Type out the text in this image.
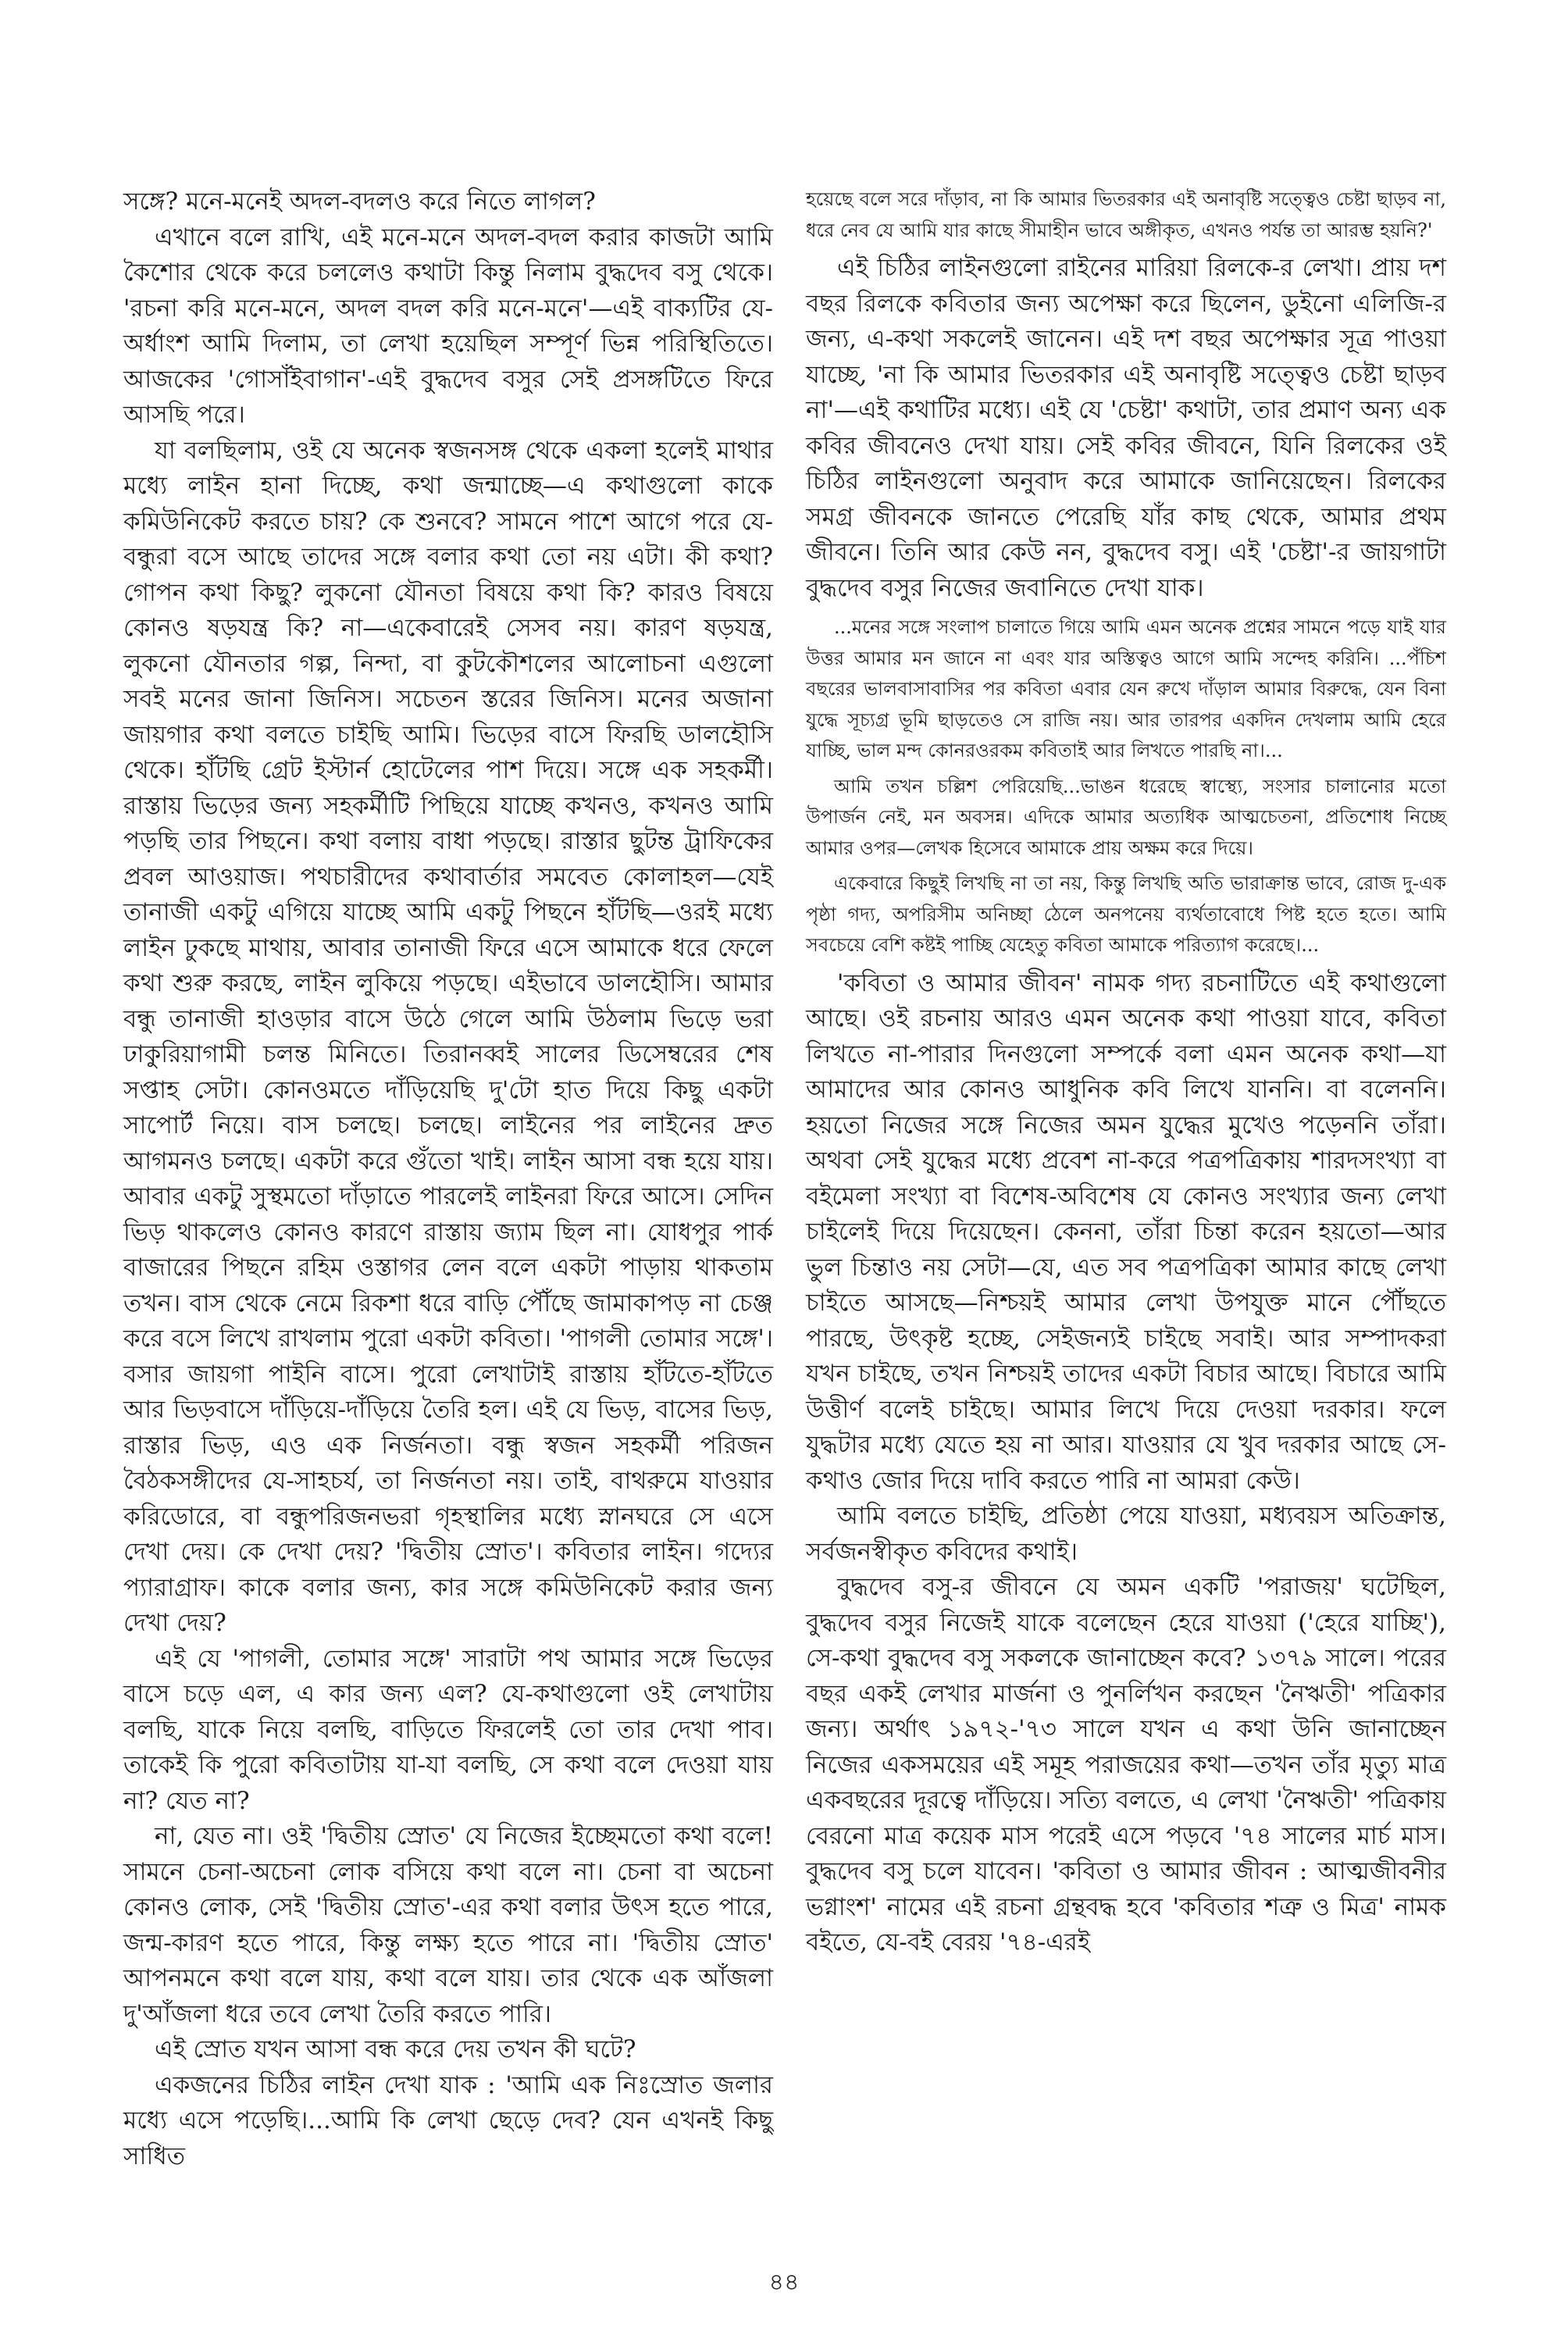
সঙ্গে? মনে-মনেই অদল-বদলও করে নিতে লাগল?

এখানে বলে রাখি, এই মনে-মনে অদল-বদল করার কাজটা আমি কৈশোর থেকে করে চললেও কথাটা কিন্তু নিলাম বুদ্ধদেব বসু থেকে। 'রচনা করি মনে-মনে, অদল বদল করি মনে-মনে'—এই বাক্যটির যে-অর্ধাংশ আমি দিলাম, তা লেখা হয়েছিল সম্পূর্ণ ভিন্ন পরিস্থিতিতে। আজকের 'গোসাঁইবাগান'-এই বুদ্ধদেব বসুর সেই প্রসঙ্গটিতে ফিরে আসছি পরে।

যা বলছিলাম, ওই যে অনেক স্বজনসঙ্গ থেকে একলা হলেই মাথার মধ্যে লাইন হানা দিচ্ছে, কথা জন্মাচ্ছে—এ কথাগুলো কাকে কমিউনিকেট করতে চায়? কে শুনবে? সামনে পাশে আগে পরে যে-বন্ধুরা বসে আছে তাদের সঙ্গে বলার কথা তো নয় এটা। কী কথা? গোপন কথা কিছু? লুকনো যৌনতা বিষয়ে কথা কি? কারও বিষয়ে কোনও ষড়যন্ত্র কি? না—একেবারেই সেসব নয়। কারণ ষড়যন্ত্র, লুকনো যৌনতার গল্প, নিন্দা, বা কুটকৌশলের আলোচনা এগুলো সবই মনের জানা জিনিস। সচেতন স্তরের জিনিস। মনের অজানা জায়গার কথা বলতে চাইছি আমি। ভিড়ের বাসে ফিরছি ডালহৌসি থেকে। হাঁটছি গ্রেট ইস্টার্ন হোটেলের পাশ দিয়ে। সঙ্গে এক সহকর্মী। রাস্তায় ভিড়ের জন্য সহকর্মীটি পিছিয়ে যাচ্ছে কখনও, কখনও আমি পড়ছি তার পিছনে। কথা বলায় বাধা পড়ছে। রাস্তার ছুটন্ত ট্রাফিকের প্রবল আওয়াজ। পথচারীদের কথাবার্তার সমবেত কোলাহল—যেই তানাজী একটু এগিয়ে যাচ্ছে আমি একটু পিছনে হাঁটছি—ওরই মধ্যে লাইন ঢুকছে মাথায়, আবার তানাজী ফিরে এসে আমাকে ধরে ফেলে কথা শুরু করছে, লাইন লুকিয়ে পড়ছে। এইভাবে ডালহৌসি। আমার বন্ধু তানাজী হাওড়ার বাসে উঠে গেলে আমি উঠলাম ভিড়ে ভরা ঢাকুরিয়াগামী চলন্ত মিনিতে। তিরানব্বই সালের ডিসেম্বরের শেষ সপ্তাহ সেটা। কোনওমতে দাঁড়িয়েছি দু'টো হাত দিয়ে কিছু একটা সাপোর্ট নিয়ে। বাস চলছে। চলছে। লাইনের পর লাইনের দ্রুত আগমনও চলছে। একটা করে গুঁতো খাই। লাইন আসা বন্ধ হয়ে যায়। আবার একটু সুস্থমতো দাঁড়াতে পারলেই লাইনরা ফিরে আসে। সেদিন ভিড় থাকলেও কোনও কারণে রাস্তায় জ্যাম ছিল না। যোধপুর পার্ক বাজারের পিছনে রহিম ওস্তাগর লেন বলে একটা পাড়ায় থাকতাম তখন। বাস থেকে নেমে রিকশা ধরে বাড়ি পৌঁছে জামাকাপড় না চেঞ্জ করে বসে লিখে রাখলাম পুরো একটা কবিতা। 'পাগলী তোমার সঙ্গে'। বসার জায়গা পাইনি বাসে। পুরো লেখাটাই রাস্তায় হাঁটতে-হাঁটতে আর ভিড়বাসে দাঁড়িয়ে-দাঁড়িয়ে তৈরি হল। এই যে ভিড়, বাসের ভিড়, রাস্তার ভিড়, এও এক নির্জনতা। বন্ধু স্বজন সহকর্মী পরিজন বৈঠকসঙ্গীদের যে-সাহচর্য, তা নির্জনতা নয়। তাই, বাথরুমে যাওয়ার করিডোরে, বা বন্ধুপরিজনভরা গৃহস্থালির মধ্যে স্নানঘরে সে এসে দেখা দেয়। কে দেখা দেয়? 'দ্বিতীয় স্রোত'। কবিতার লাইন। গদ্যের প্যারাগ্রাফ। কাকে বলার জন্য, কার সঙ্গে কমিউনিকেট করার জন্য দেখা দেয়?

এই যে 'পাগলী, তোমার সঙ্গে' সারাটা পথ আমার সঙ্গে ভিড়ের বাসে চড়ে এল, এ কার জন্য এল? যে-কথাগুলো ওই লেখাটায় বলছি, যাকে নিয়ে বলছি, বাড়িতে ফিরলেই তো তার দেখা পাব। তাকেই কি পুরো কবিতাটায় যা-যা বলছি, সে কথা বলে দেওয়া যায় না? যেত না?

না, যেত না। ওই 'দ্বিতীয় স্রোত' যে নিজের ইচ্ছেমতো কথা বলে! সামনে চেনা-অচেনা লোক বসিয়ে কথা বলে না। চেনা বা অচেনা কোনও লোক, সেই 'দ্বিতীয় স্রোত'-এর কথা বলার উৎস হতে পারে, জন্ম-কারণ হতে পারে, কিন্তু লক্ষ্য হতে পারে না। 'দ্বিতীয় স্রোত' আপনমনে কথা বলে যায়, কথা বলে যায়। তার থেকে এক আঁজলা দু'আঁজলা ধরে তবে লেখা তৈরি করতে পারি।

এই স্রোত যখন আসা বন্ধ করে দেয় তখন কী ঘটে?

একজনের চিঠির লাইন দেখা যাক : 'আমি এক নিঃস্রোত জলার মধ্যে এসে পড়েছি।...আমি কি লেখা ছেড়ে দেব? যেন এখনই কিছু সাধিত

হয়েছে বলে সরে দাঁড়াব, না কি আমার ভিতরকার এই অনাবৃষ্টি সত্ত্বেও চেষ্টা ছাড়ব না, ধরে নেব যে আমি যার কাছে সীমাহীন ভাবে অঙ্গীকৃত, এখনও পর্যন্ত তা আরম্ভ হয়নি?'

এই চিঠির লাইনগুলো রাইনের মারিয়া রিলকে-র লেখা। প্রায় দশ বছর রিলকে কবিতার জন্য অপেক্ষা করে ছিলেন, ডুইনো এলিজি-র জন্য, এ-কথা সকলেই জানেন। এই দশ বছর অপেক্ষার সূত্র পাওয়া যাচ্ছে, 'না কি আমার ভিতরকার এই অনাবৃষ্টি সত্ত্বেও চেষ্টা ছাড়ব না'—এই কথাটির মধ্যে। এই যে 'চেষ্টা' কথাটা, তার প্রমাণ অন্য এক কবির জীবনেও দেখা যায়। সেই কবির জীবনে, যিনি রিলকের ওই চিঠির লাইনগুলো অনুবাদ করে আমাকে জানিয়েছেন। রিলকের সমগ্র জীবনকে জানতে পেরেছি যাঁর কাছ থেকে, আমার প্রথম জীবনে। তিনি আর কেউ নন, বুদ্ধদেব বসু। এই 'চেষ্টা'-র জায়গাটা বুদ্ধদেব বসুর নিজের জবানিতে দেখা যাক।

...মনের সঙ্গে সংলাপ চালাতে গিয়ে আমি এমন অনেক প্রশ্নের সামনে পড়ে যাই যার উত্তর আমার মন জানে না এবং যার অস্তিত্বও আগে আমি সন্দেহ করিনি। ...পঁচিশ বছরের ভালবাসাবাসির পর কবিতা এবার যেন রুখে দাঁড়াল আমার বিরুদ্ধে, যেন বিনা যুদ্ধে সূচ্যগ্র ভূমি ছাড়তেও সে রাজি নয়। আর তারপর একদিন দেখলাম আমি হেরে যাচ্ছি, ভাল মন্দ কোনরওরকম কবিতাই আর লিখতে পারছি না।...

আমি তখন চল্লিশ পেরিয়েছি...ভাঙন ধরেছে স্বাস্থ্যে, সংসার চালানোর মতো উপার্জন নেই, মন অবসন্ন। এদিকে আমার অত্যধিক আত্মচেতনা, প্রতিশোধ নিচ্ছে আমার ওপর—লেখক হিসেবে আমাকে প্রায় অক্ষম করে দিয়ে।

একেবারে কিছুই লিখছি না তা নয়, কিন্তু লিখছি অতি ভারাক্রান্ত ভাবে, রোজ দু-এক পৃষ্ঠা গদ্য, অপরিসীম অনিচ্ছা ঠেলে অনপনেয় ব্যর্থতাবোধে পিষ্ট হতে হতে। আমি সবচেয়ে বেশি কষ্টই পাচ্ছি যেহেতু কবিতা আমাকে পরিত্যাগ করেছে।...

'কবিতা ও আমার জীবন' নামক গদ্য রচনাটিতে এই কথাগুলো আছে। ওই রচনায় আরও এমন অনেক কথা পাওয়া যাবে, কবিতা লিখতে না-পারার দিনগুলো সম্পর্কে বলা এমন অনেক কথা—যা আমাদের আর কোনও আধুনিক কবি লিখে যাননি। বা বলেননি। হয়তো নিজের সঙ্গে নিজের অমন যুদ্ধের মুখেও পড়েননি তাঁরা। অথবা সেই যুদ্ধের মধ্যে প্রবেশ না-করে পত্রপত্রিকায় শারদসংখ্যা বা বইমেলা সংখ্যা বা বিশেষ-অবিশেষ যে কোনও সংখ্যার জন্য লেখা চাইলেই দিয়ে দিয়েছেন। কেননা, তাঁরা চিন্তা করেন হয়তো—আর ভুল চিন্তাও নয় সেটা—যে, এত সব পত্রপত্রিকা আমার কাছে লেখা চাইতে আসছে—নিশ্চয়ই আমার লেখা উপযুক্ত মানে পৌঁছতে পারছে, উৎকৃষ্ট হচ্ছে, সেইজন্যই চাইছে সবাই। আর সম্পাদকরা যখন চাইছে, তখন নিশ্চয়ই তাদের একটা বিচার আছে। বিচারে আমি উত্তীর্ণ বলেই চাইছে। আমার লিখে দিয়ে দেওয়া দরকার। ফলে যুদ্ধটার মধ্যে যেতে হয় না আর। যাওয়ার যে খুব দরকার আছে সে-কথাও জোর দিয়ে দাবি করতে পারি না আমরা কেউ।

আমি বলতে চাইছি, প্রতিষ্ঠা পেয়ে যাওয়া, মধ্যবয়স অতিক্রান্ত, সর্বজনস্বীকৃত কবিদের কথাই।

বুদ্ধদেব বসু-র জীবনে যে অমন একটি 'পরাজয়' ঘটেছিল, বুদ্ধদেব বসুর নিজেই যাকে বলেছেন হেরে যাওয়া ('হেরে যাচ্ছি'), সে-কথা বুদ্ধদেব বসু সকলকে জানাচ্ছেন কবে? ১৩৭৯ সালে। পরের বছর একই লেখার মার্জনা ও পুনর্লিখন করছেন 'নৈঋতী' পত্রিকার জন্য। অর্থাৎ ১৯৭২-'৭৩ সালে যখন এ কথা উনি জানাচ্ছেন নিজের একসময়ের এই সমূহ পরাজয়ের কথা—তখন তাঁর মৃত্যু মাত্র একবছরের দূরত্বে দাঁড়িয়ে। সত্যি বলতে, এ লেখা 'নৈঋতী' পত্রিকায় বেরনো মাত্র কয়েক মাস পরেই এসে পড়বে '৭৪ সালের মার্চ মাস। বুদ্ধদেব বসু চলে যাবেন। 'কবিতা ও আমার জীবন : আত্মজীবনীর ভগ্নাংশ' নামের এই রচনা গ্রন্থবদ্ধ হবে 'কবিতার শত্রু ও মিত্র' নামক বইতে, যে-বই বেরয় '৭৪-এরই

৪৪
